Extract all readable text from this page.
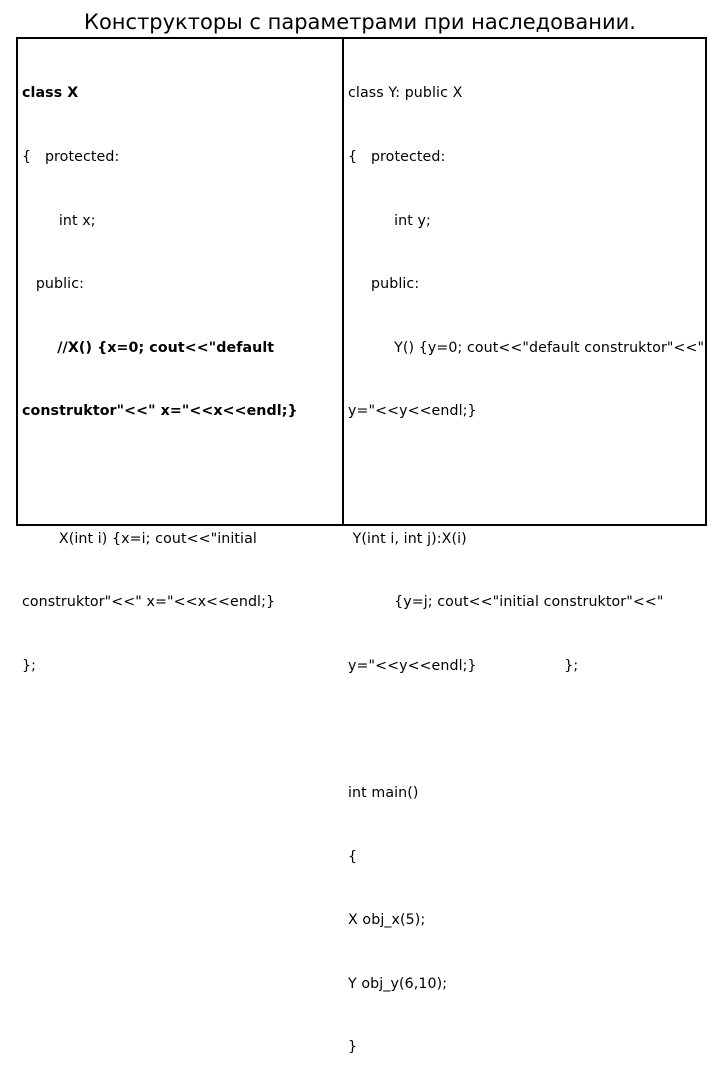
Конструкторы с параметрами при наследовании.

class X

{   protected:

int x;

public:

//X() {x=0; cout<<"default

construktor"<<" x="<<x<<endl;}

X(int i) {x=i; cout<<"initial

construktor"<<" x="<<x<<endl;}

};

class Y: public X

{   protected:

int y;

public:

Y() {y=0; cout<<"default construktor"<<"

y="<<y<<endl;}

Y(int i, int j):X(i)

{y=j; cout<<"initial construktor"<<"

y="<<y<<endl;}                   };

int main()

{

X obj_x(5);

Y obj_y(6,10);

}
